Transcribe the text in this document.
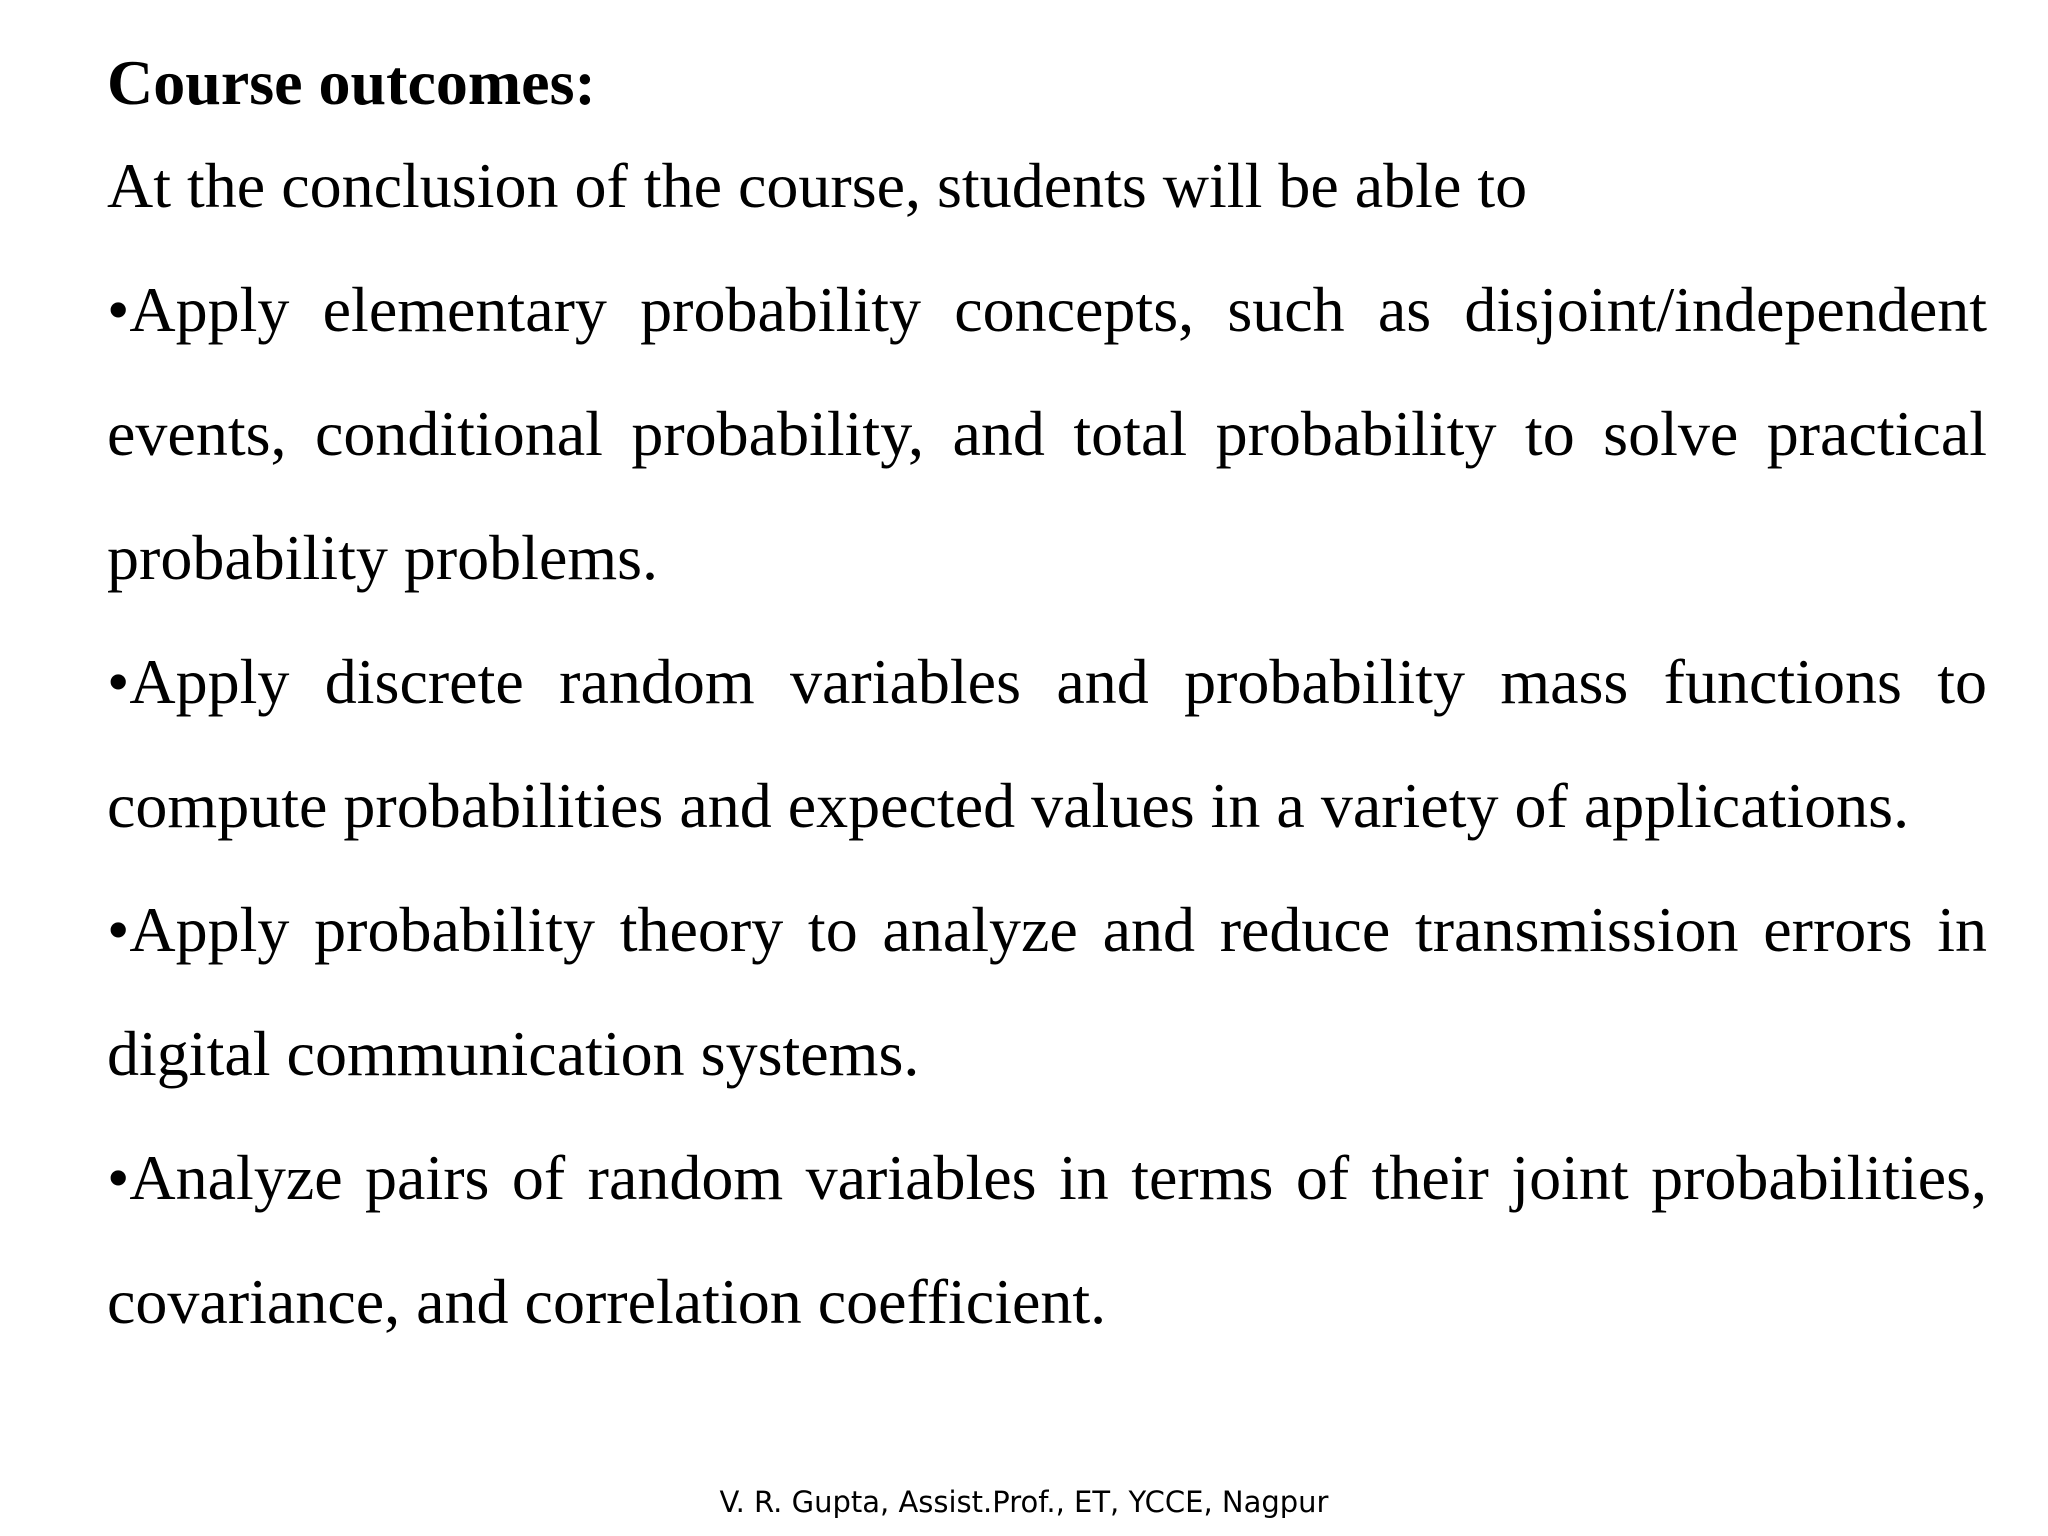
Course outcomes:

At the conclusion of the course, students will be able to

•Apply elementary probability concepts, such as disjoint/independent events, conditional probability, and total probability to solve practical probability problems.

•Apply discrete random variables and probability mass functions to compute probabilities and expected values in a variety of applications.

•Apply probability theory to analyze and reduce transmission errors in digital communication systems.

•Analyze pairs of random variables in terms of their joint probabilities, covariance, and correlation coefficient.

V. R. Gupta, Assist.Prof., ET, YCCE, Nagpur
